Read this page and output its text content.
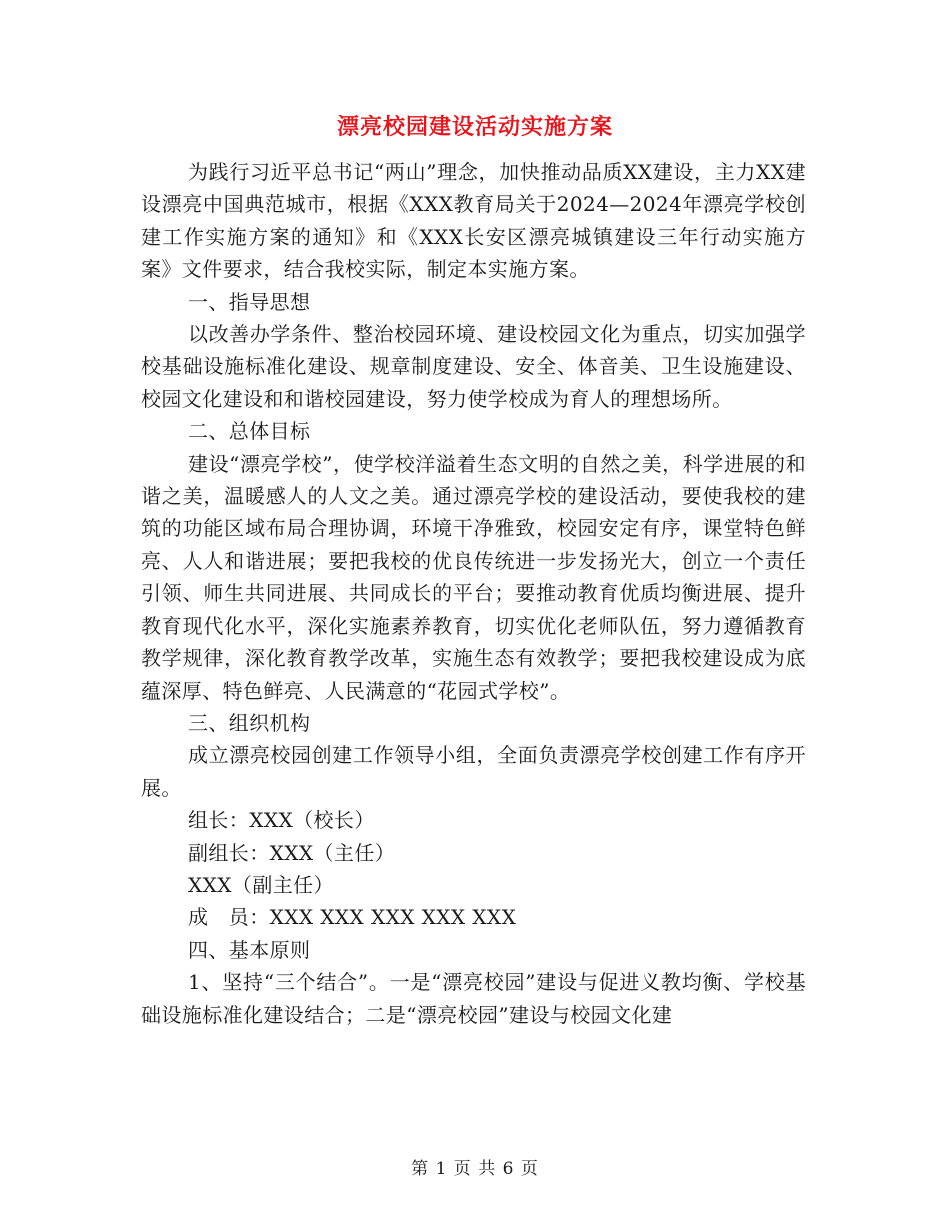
漂亮校园建设活动实施方案

为践行习近平总书记“两山”理念，加快推动品质XX建设，主力XX建设漂亮中国典范城市，根据《XXX教育局关于2024—2024年漂亮学校创建工作实施方案的通知》和《XXX长安区漂亮城镇建设三年行动实施方案》文件要求，结合我校实际，制定本实施方案。

一、指导思想

以改善办学条件、整治校园环境、建设校园文化为重点，切实加强学校基础设施标准化建设、规章制度建设、安全、体音美、卫生设施建设、校园文化建设和和谐校园建设，努力使学校成为育人的理想场所。

二、总体目标

建设“漂亮学校”，使学校洋溢着生态文明的自然之美，科学进展的和谐之美，温暖感人的人文之美。通过漂亮学校的建设活动，要使我校的建筑的功能区域布局合理协调，环境干净雅致，校园安定有序，课堂特色鲜亮、人人和谐进展；要把我校的优良传统进一步发扬光大，创立一个责任引领、师生共同进展、共同成长的平台；要推动教育优质均衡进展、提升教育现代化水平，深化实施素养教育，切实优化老师队伍，努力遵循教育教学规律，深化教育教学改革，实施生态有效教学；要把我校建设成为底蕴深厚、特色鲜亮、人民满意的“花园式学校”。

三、组织机构

成立漂亮校园创建工作领导小组，全面负责漂亮学校创建工作有序开展。

组长：XXX（校长）

副组长：XXX（主任）

XXX（副主任）

成　员：XXX XXX XXX XXX XXX

四、基本原则

1、坚持“三个结合”。一是“漂亮校园”建设与促进义教均衡、学校基础设施标准化建设结合；二是“漂亮校园”建设与校园文化建

第 1 页 共 6 页
